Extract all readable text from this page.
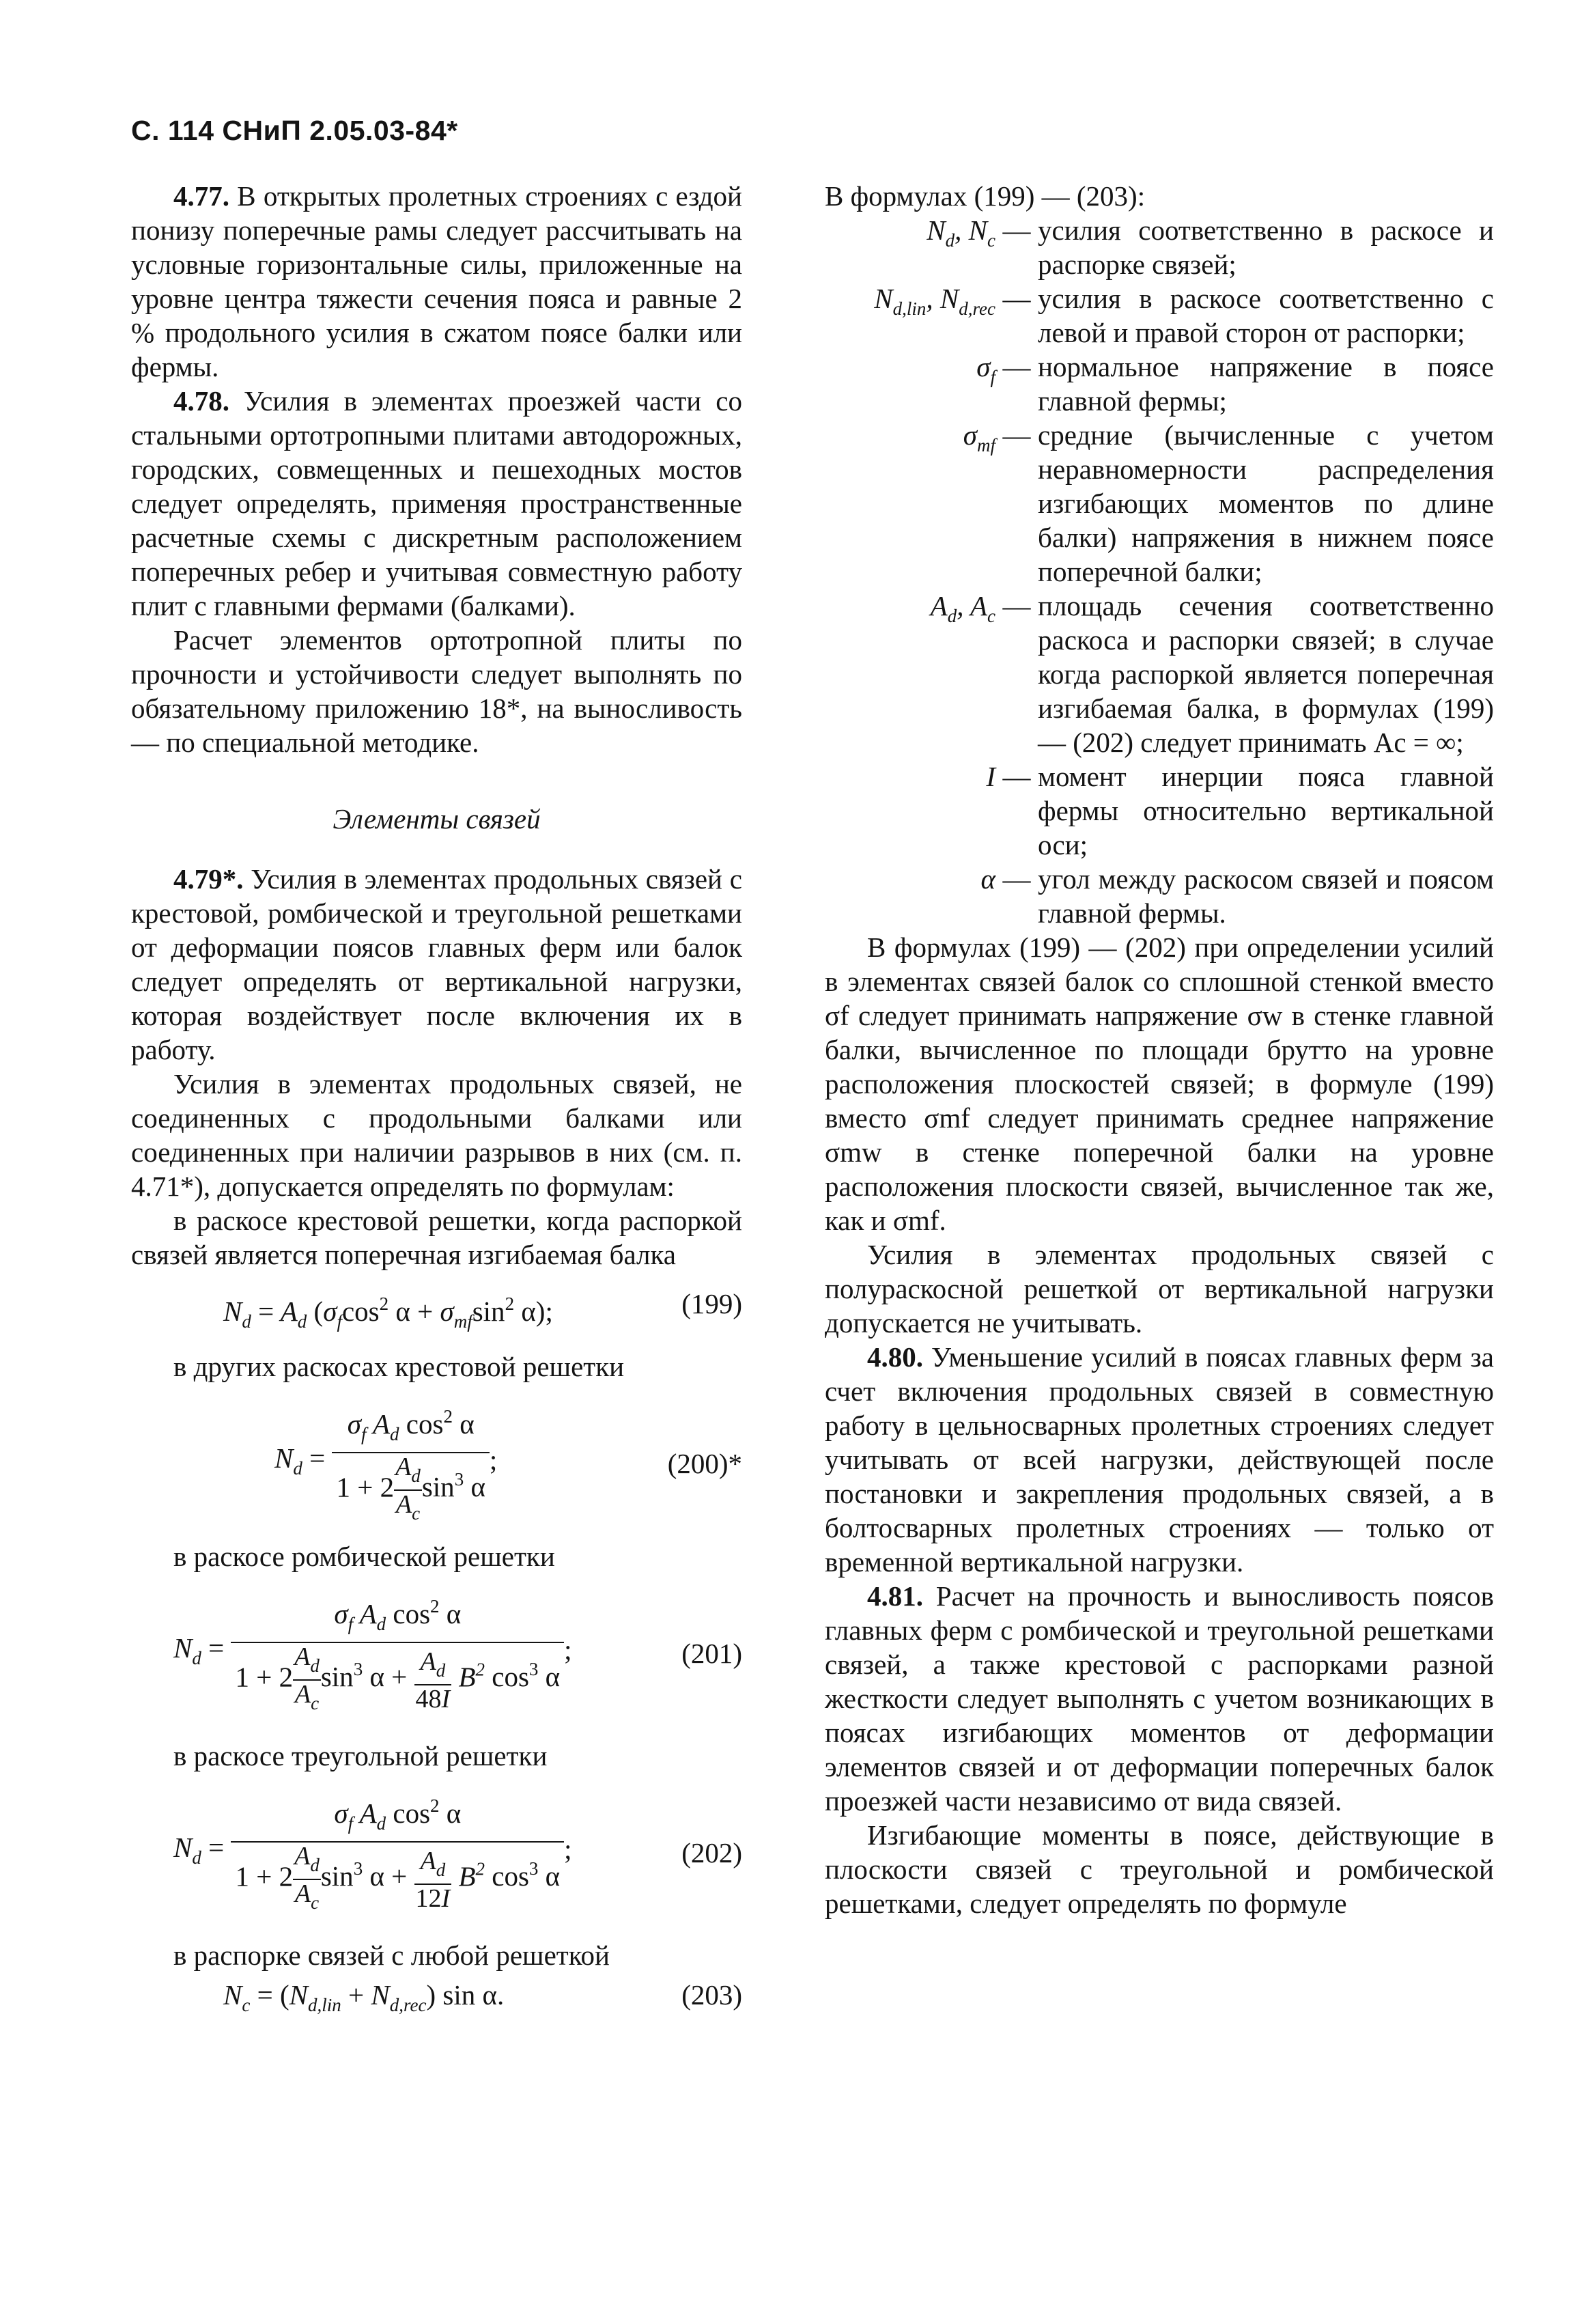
С. 114 СНиП 2.05.03-84*

4.77. В открытых пролетных строениях с ездой понизу поперечные рамы следует рассчитывать на условные горизонтальные силы, приложенные на уровне центра тяжести сечения пояса и равные 2 % продольного усилия в сжатом поясе балки или фермы.

4.78. Усилия в элементах проезжей части со стальными ортотропными плитами автодорожных, городских, совмещенных и пешеходных мостов следует определять, применяя пространственные расчетные схемы с дискретным расположением поперечных ребер и учитывая совместную работу плит с главными фермами (балками).

Расчет элементов ортотропной плиты по прочности и устойчивости следует выполнять по обязательному приложению 18*, на выносливость — по специальной методике.

Элементы связей

4.79*. Усилия в элементах продольных связей с крестовой, ромбической и треугольной решетками от деформации поясов главных ферм или балок следует определять от вертикальной нагрузки, которая воздействует после включения их в работу.

Усилия в элементах продольных связей, не соединенных с продольными балками или соединенных при наличии разрывов в них (см. п. 4.71*), допускается определять по формулам:

в раскосе крестовой решетки, когда распоркой связей является поперечная изгибаемая балка

$N_d = A_d$ ($\sigma_f\cos^2$ $\alpha + \sigma_{mf}\sin^2$ α);	(199)

в других раскосах крестовой решетки

$N_d = \frac{\sigma_f A_d \cos^2 \alpha}{1 + 2 \frac{A_d}{A_c} \sin^3 \alpha}$ ;	(200)*

в раскосе ромбической решетки

$N_d = \frac{\sigma_f A_d \cos^2 \alpha}{1 + 2 \frac{A_d}{A_c} \sin^3 \alpha + \frac{A_d}{48I} B^2 \cos^3 \alpha}$ ;	(201)

в раскосе треугольной решетки

$N_d = \frac{\sigma_f A_d \cos^2 \alpha}{1 + 2 \frac{A_d}{A_c} \sin^3 \alpha + \frac{A_d}{12I} B^2 \cos^3 \alpha}$ ;	(202)

в распорке связей с любой решеткой

$N_c = (N_{d,lin} + N_{d,rec})$ sin α.	(203)

В формулах (199) — (203):

$N_d$, $N_c$ — усилия соответственно в раскосе и распорке связей;
$N_{d,lin}$, $N_{d,rec}$ — усилия в раскосе соответственно с левой и правой сторон от распорки;
$\sigma_f$ — нормальное напряжение в поясе главной фермы;
$\sigma_{mf}$ — средние (вычисленные с учетом неравномерности распределения изгибающих моментов по длине балки) напряжения в нижнем поясе поперечной балки;
$A_d$, $A_c$ — площадь сечения соответственно раскоса и распорки связей; в случае когда распоркой является поперечная изгибаемая балка, в формулах (199) — (202) следует принимать Ac = ∞;
I — момент инерции пояса главной фермы относительно вертикальной оси;
α — угол между раскосом связей и поясом главной фермы.

В формулах (199) — (202) при определении усилий в элементах связей балок со сплошной стенкой вместо σf следует принимать напряжение σw в стенке главной балки, вычисленное по площади брутто на уровне расположения плоскостей связей; в формуле (199) вместо σmf следует принимать среднее напряжение σmw в стенке поперечной балки на уровне расположения плоскости связей, вычисленное так же, как и σmf.

Усилия в элементах продольных связей с полураскосной решеткой от вертикальной нагрузки допускается не учитывать.

4.80. Уменьшение усилий в поясах главных ферм за счет включения продольных связей в совместную работу в цельносварных пролетных строениях следует учитывать от всей нагрузки, действующей после постановки и закрепления продольных связей, а в болтосварных пролетных строениях — только от временной вертикальной нагрузки.

4.81. Расчет на прочность и выносливость поясов главных ферм с ромбической и треугольной решетками связей, а также крестовой с распорками разной жесткости следует выполнять с учетом возникающих в поясах изгибающих моментов от деформации элементов связей и от деформации поперечных балок проезжей части независимо от вида связей.

Изгибающие моменты в поясе, действующие в плоскости связей с треугольной и ромбической решетками, следует определять по формуле
